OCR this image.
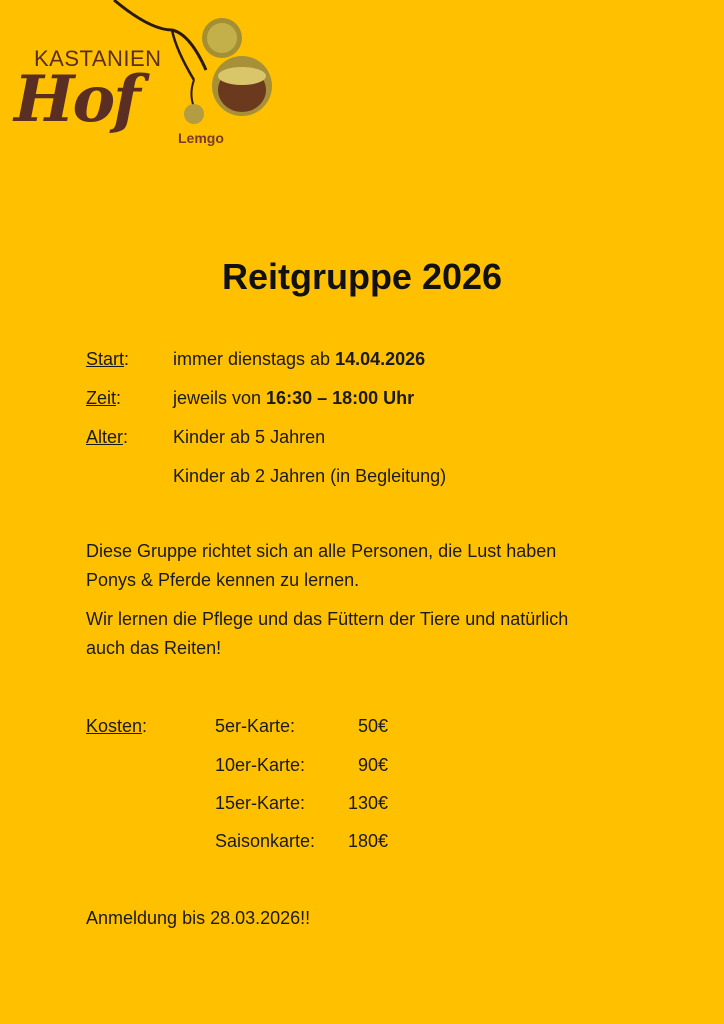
KASTANIEN
Hof
Lemgo
Reitgruppe 2026
Start: immer dienstags ab 14.04.2026
Zeit:	jeweils von 16:30 – 18:00 Uhr
Alter: Kinder ab 5 Jahren
Kinder ab 2 Jahren (in Begleitung)
Diese Gruppe richtet sich an alle Personen, die Lust haben
Ponys & Pferde kennen zu lernen.
Wir lernen die Pflege und das Füttern der Tiere und natürlich
auch das Reiten!
Kosten:	5er-Karte:	50€
10er-Karte:	90€
15er-Karte:	130€
Saisonkarte:	180€
Anmeldung bis 28.03.2026!!
